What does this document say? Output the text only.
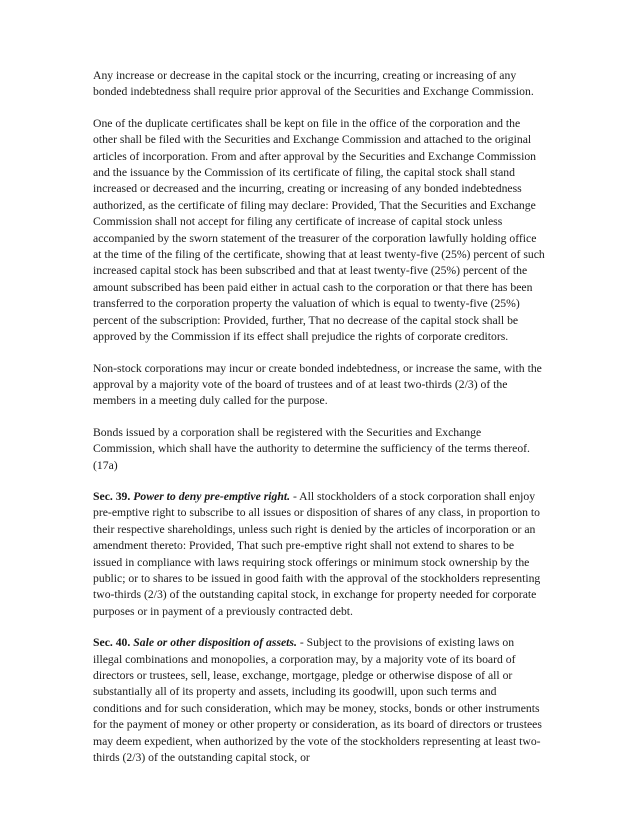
Any increase or decrease in the capital stock or the incurring, creating or increasing of any bonded indebtedness shall require prior approval of the Securities and Exchange Commission.

One of the duplicate certificates shall be kept on file in the office of the corporation and the other shall be filed with the Securities and Exchange Commission and attached to the original articles of incorporation. From and after approval by the Securities and Exchange Commission and the issuance by the Commission of its certificate of filing, the capital stock shall stand increased or decreased and the incurring, creating or increasing of any bonded indebtedness authorized, as the certificate of filing may declare: Provided, That the Securities and Exchange Commission shall not accept for filing any certificate of increase of capital stock unless accompanied by the sworn statement of the treasurer of the corporation lawfully holding office at the time of the filing of the certificate, showing that at least twenty-five (25%) percent of such increased capital stock has been subscribed and that at least twenty-five (25%) percent of the amount subscribed has been paid either in actual cash to the corporation or that there has been transferred to the corporation property the valuation of which is equal to twenty-five (25%) percent of the subscription: Provided, further, That no decrease of the capital stock shall be approved by the Commission if its effect shall prejudice the rights of corporate creditors.

Non-stock corporations may incur or create bonded indebtedness, or increase the same, with the approval by a majority vote of the board of trustees and of at least two-thirds (2/3) of the members in a meeting duly called for the purpose.

Bonds issued by a corporation shall be registered with the Securities and Exchange Commission, which shall have the authority to determine the sufficiency of the terms thereof. (17a)

Sec. 39. Power to deny pre-emptive right. - All stockholders of a stock corporation shall enjoy pre-emptive right to subscribe to all issues or disposition of shares of any class, in proportion to their respective shareholdings, unless such right is denied by the articles of incorporation or an amendment thereto: Provided, That such pre-emptive right shall not extend to shares to be issued in compliance with laws requiring stock offerings or minimum stock ownership by the public; or to shares to be issued in good faith with the approval of the stockholders representing two-thirds (2/3) of the outstanding capital stock, in exchange for property needed for corporate purposes or in payment of a previously contracted debt.

Sec. 40. Sale or other disposition of assets. - Subject to the provisions of existing laws on illegal combinations and monopolies, a corporation may, by a majority vote of its board of directors or trustees, sell, lease, exchange, mortgage, pledge or otherwise dispose of all or substantially all of its property and assets, including its goodwill, upon such terms and conditions and for such consideration, which may be money, stocks, bonds or other instruments for the payment of money or other property or consideration, as its board of directors or trustees may deem expedient, when authorized by the vote of the stockholders representing at least two-thirds (2/3) of the outstanding capital stock, or
